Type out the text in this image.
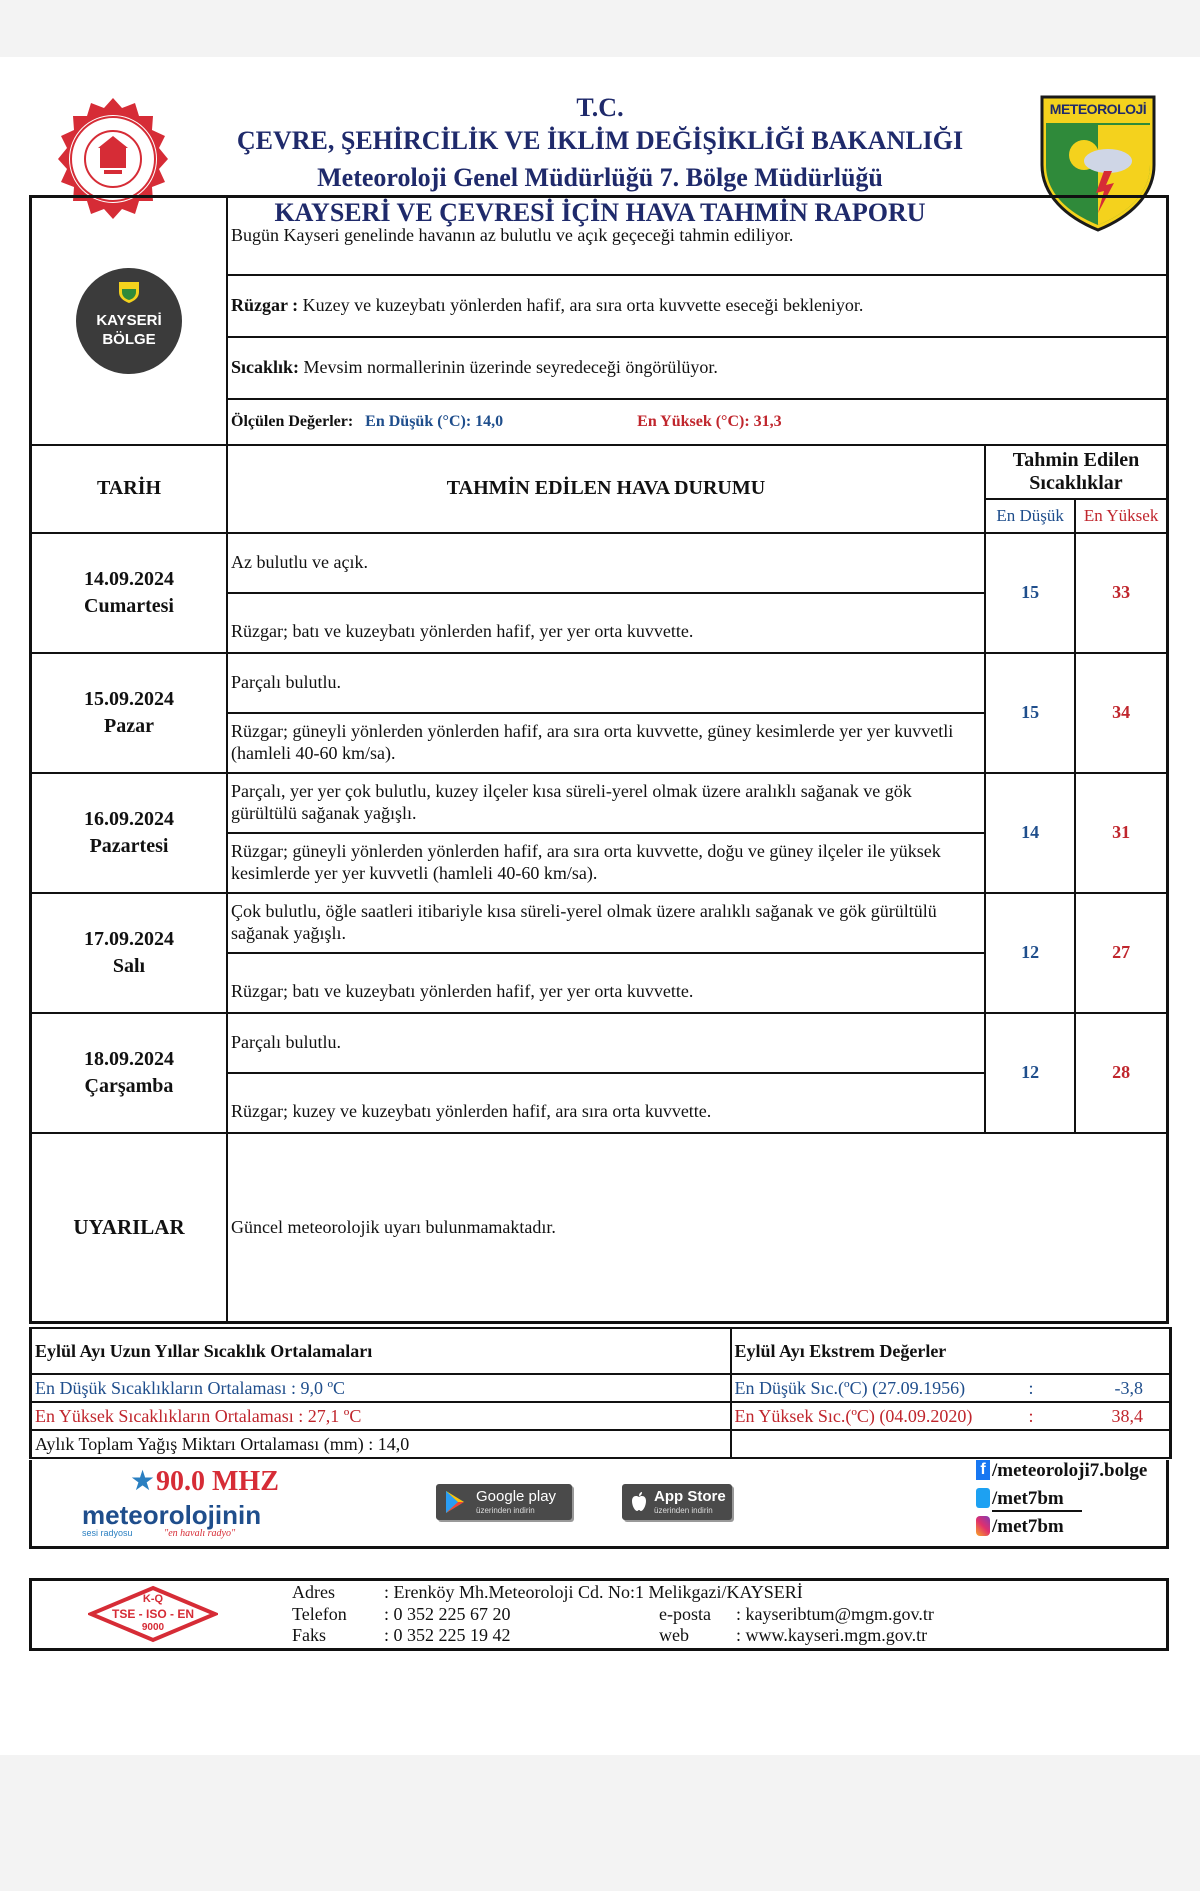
METEOROLOJİ
T.C.
ÇEVRE, ŞEHİRCİLİK VE İKLİM DEĞİŞİKLİĞİ BAKANLIĞI
Meteoroloji Genel Müdürlüğü 7. Bölge Müdürlüğü
KAYSERİ VE ÇEVRESİ İÇİN HAVA TAHMİN RAPORU
KAYSERİ
BÖLGE	Bugün Kayseri genelinde havanın az bulutlu ve açık geçeceği tahmin ediliyor.		
	Rüzgar : Kuzey ve kuzeybatı yönlerden hafif, ara sıra orta kuvvette eseceği bekleniyor.		
	Sıcaklık: Mevsim normallerinin üzerinde seyredeceği öngörülüyor.		
	Ölçülen Değerler: En Düşük (°C): 14,0 En Yüksek (°C): 31,3		
TARİH	TAHMİN EDİLEN HAVA DURUMU	Tahmin Edilen
Sıcaklıklar	

		En Düşük	En Yüksek

14.09.2024
Cumartesi	Az bulutlu ve açık.	15	33
	Rüzgar; batı ve kuzeybatı yönlerden hafif, yer yer orta kuvvette.		

15.09.2024
Pazar	Parçalı bulutlu.	15	34
	Rüzgar; güneyli yönlerden yönlerden hafif, ara sıra orta kuvvette, güney kesimlerde yer yer kuvvetli (hamleli 40-60 km/sa).		

16.09.2024
Pazartesi	Parçalı, yer yer çok bulutlu, kuzey ilçeler kısa süreli-yerel olmak üzere aralıklı sağanak ve gök gürültülü sağanak yağışlı.	14	31
	Rüzgar; güneyli yönlerden yönlerden hafif, ara sıra orta kuvvette, doğu ve güney ilçeler ile yüksek kesimlerde yer yer kuvvetli (hamleli 40-60 km/sa).		

17.09.2024
Salı	Çok bulutlu, öğle saatleri itibariyle kısa süreli-yerel olmak üzere aralıklı sağanak ve gök gürültülü sağanak yağışlı.	12	27
	Rüzgar; batı ve kuzeybatı yönlerden hafif, yer yer orta kuvvette.		

18.09.2024
Çarşamba	Parçalı bulutlu.	12	28
	Rüzgar; kuzey ve kuzeybatı yönlerden hafif, ara sıra orta kuvvette.		
UYARILAR	Güncel meteorolojik uyarı bulunmamaktadır.		
Eylül Ayı Uzun Yıllar Sıcaklık Ortalamaları	Eylül Ayı Ekstrem Değerler
En Düşük Sıcaklıkların Ortalaması : 9,0 ºC	En Düşük Sıc.(ºC) (27.09.1956) : -3,8

En Yüksek Sıcaklıkların Ortalaması : 27,1 ºC	En Yüksek Sıc.(ºC) (04.09.2020) : 38,4

Aylık Toplam Yağış Miktarı Ortalaması (mm) : 14,0	
★ 90.0 MHZ
meteorolojinin
sesi radyosu	"en havalı radyo"
Google play
üzerinden indirin
App Store
üzerinden indirin
f /meteoroloji7.bolge
/met7bm
/met7bm
K-Q
TSE - ISO - EN
9000
Adres	: Erenköy Mh.Meteoroloji Cd. No:1 Melikgazi/KAYSERİ
Telefon : 0 352 225 67 20
Faks	: 0 352 225 19 42
e-posta : kayseribtum@mgm.gov.tr
web	: www.kayseri.mgm.gov.tr
